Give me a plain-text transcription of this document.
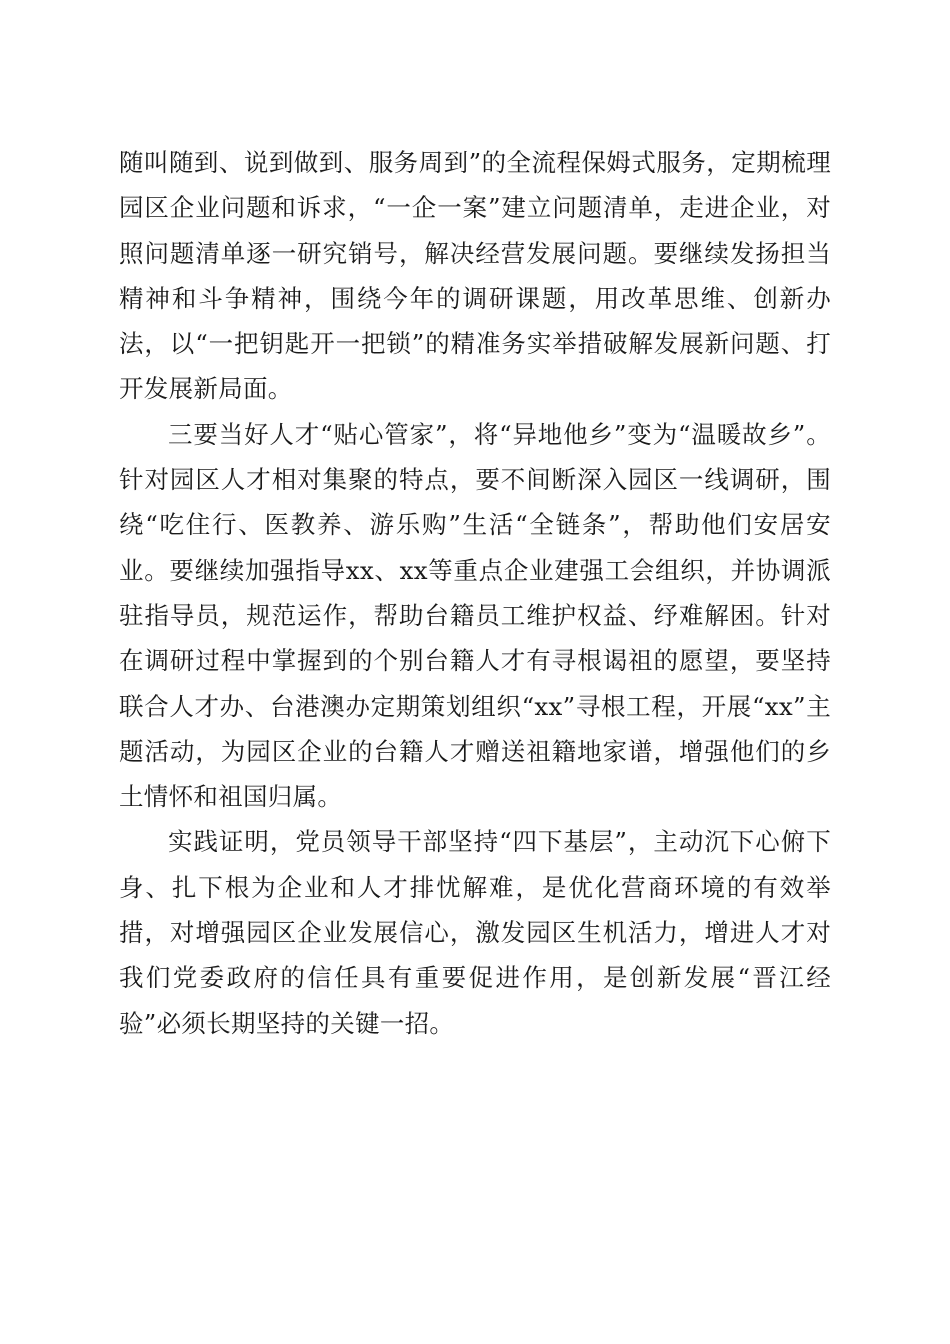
随叫随到、说到做到、服务周到”的全流程保姆式服务，定期梳理园区企业问题和诉求，“一企一案”建立问题清单，走进企业，对照问题清单逐一研究销号，解决经营发展问题。要继续发扬担当精神和斗争精神，围绕今年的调研课题，用改革思维、创新办法，以“一把钥匙开一把锁”的精准务实举措破解发展新问题、打开发展新局面。

三要当好人才“贴心管家”，将“异地他乡”变为“温暖故乡”。针对园区人才相对集聚的特点，要不间断深入园区一线调研，围绕“吃住行、医教养、游乐购”生活“全链条”，帮助他们安居安业。要继续加强指导xx、xx等重点企业建强工会组织，并协调派驻指导员，规范运作，帮助台籍员工维护权益、纾难解困。针对在调研过程中掌握到的个别台籍人才有寻根谒祖的愿望，要坚持联合人才办、台港澳办定期策划组织“xx”寻根工程，开展“xx”主题活动，为园区企业的台籍人才赠送祖籍地家谱，增强他们的乡土情怀和祖国归属。

实践证明，党员领导干部坚持“四下基层”，主动沉下心俯下身、扎下根为企业和人才排忧解难，是优化营商环境的有效举措，对增强园区企业发展信心，激发园区生机活力，增进人才对我们党委政府的信任具有重要促进作用，是创新发展“晋江经验”必须长期坚持的关键一招。
